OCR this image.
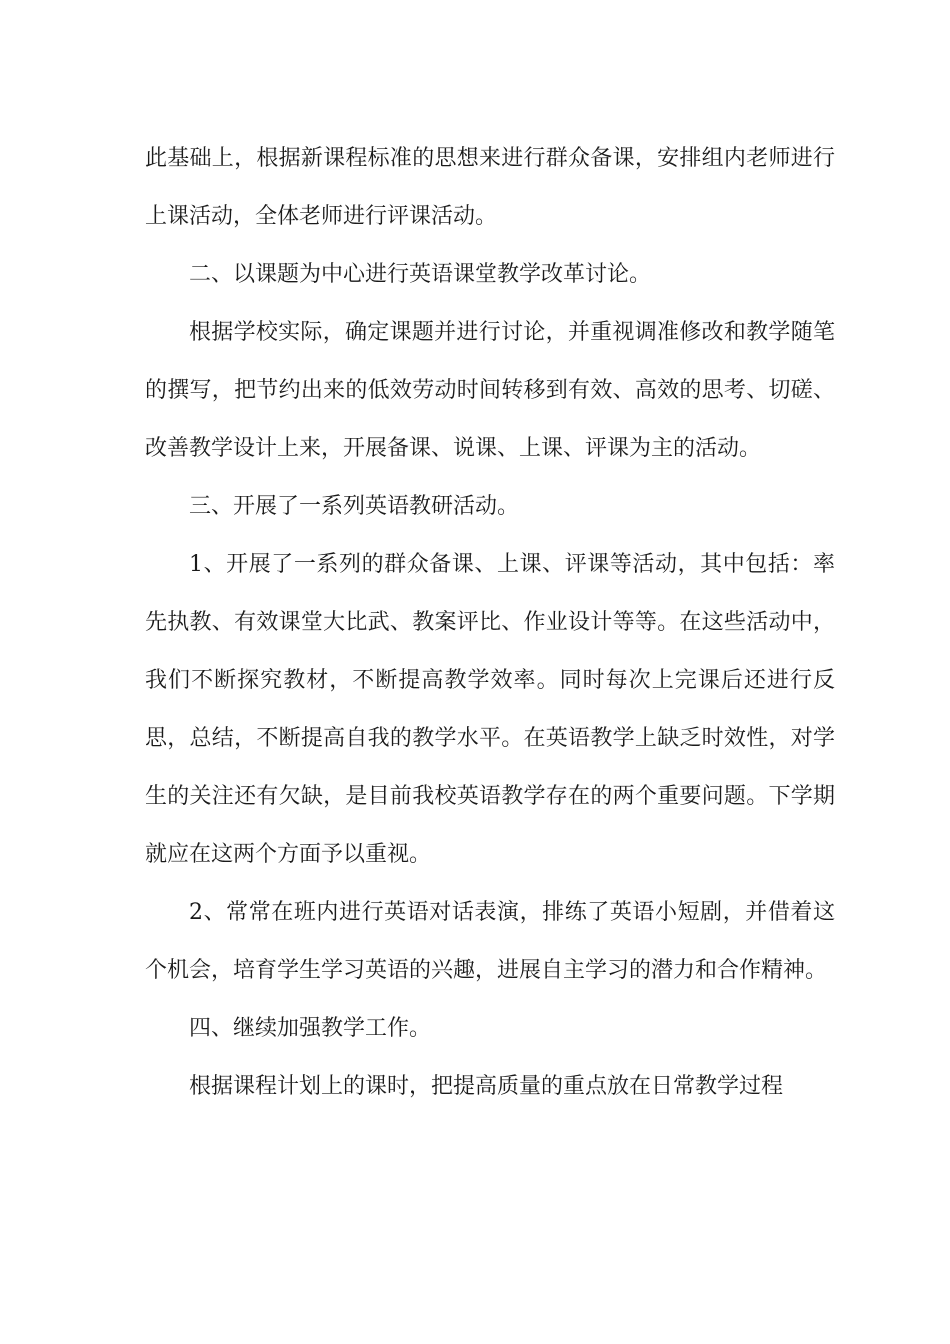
此基础上，根据新课程标准的思想来进行群众备课，安排组内老师进行上课活动，全体老师进行评课活动。

二、以课题为中心进行英语课堂教学改革讨论。

根据学校实际，确定课题并进行讨论，并重视调准修改和教学随笔的撰写，把节约出来的低效劳动时间转移到有效、高效的思考、切磋、改善教学设计上来，开展备课、说课、上课、评课为主的活动。

三、开展了一系列英语教研活动。

1、开展了一系列的群众备课、上课、评课等活动，其中包括：率先执教、有效课堂大比武、教案评比、作业设计等等。在这些活动中，我们不断探究教材，不断提高教学效率。同时每次上完课后还进行反思，总结，不断提高自我的教学水平。在英语教学上缺乏时效性，对学生的关注还有欠缺，是目前我校英语教学存在的两个重要问题。下学期就应在这两个方面予以重视。

2、常常在班内进行英语对话表演，排练了英语小短剧，并借着这个机会，培育学生学习英语的兴趣，进展自主学习的潜力和合作精神。

四、继续加强教学工作。

根据课程计划上的课时，把提高质量的重点放在日常教学过程
